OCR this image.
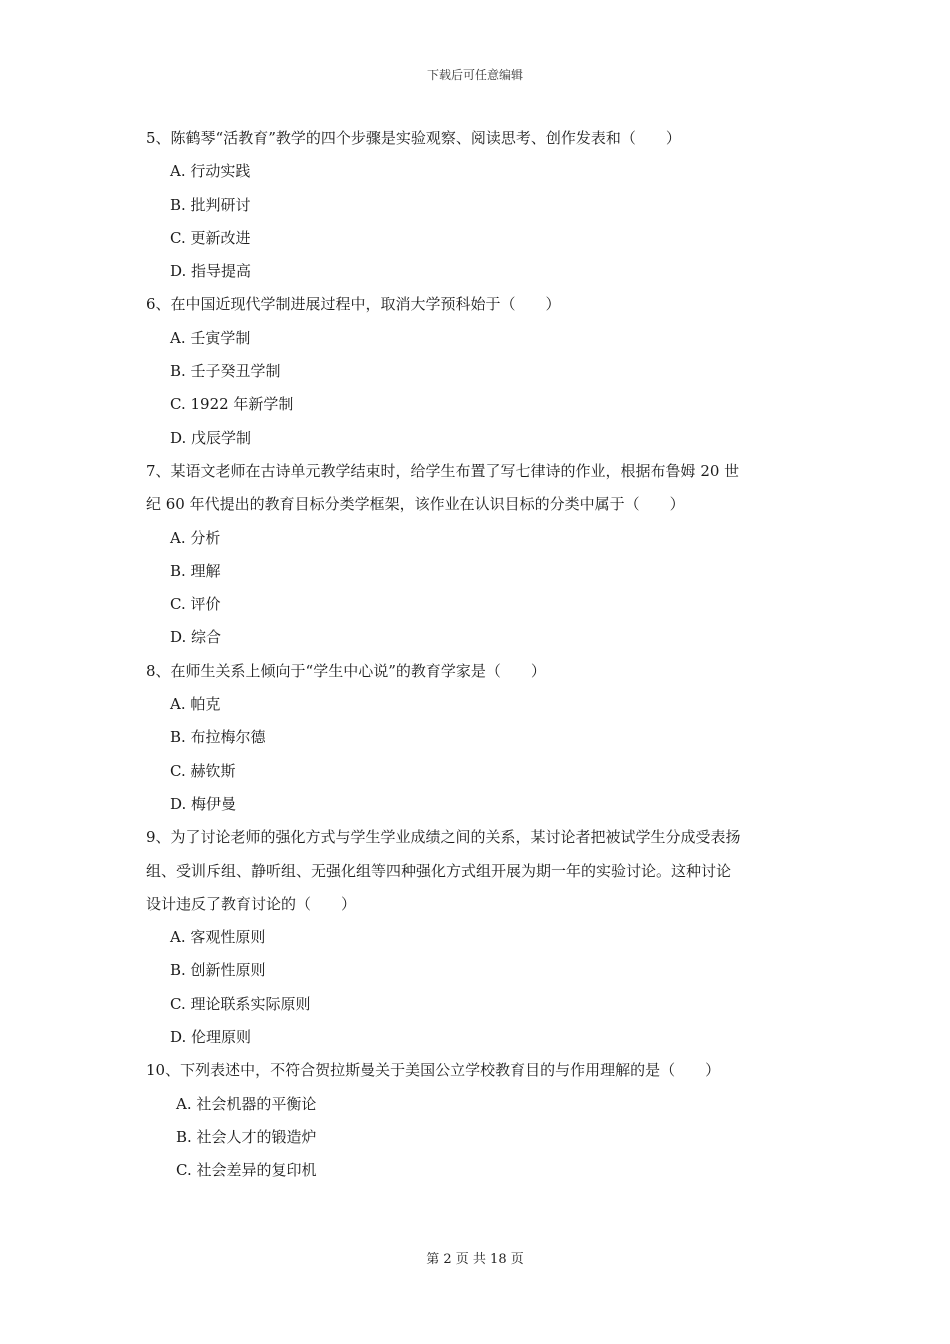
下载后可任意编辑
5、陈鹤琴“活教育”教学的四个步骤是实验观察、阅读思考、创作发表和（　　）
A. 行动实践
B. 批判研讨
C. 更新改进
D. 指导提高
6、在中国近现代学制进展过程中，取消大学预科始于（　　）
A. 壬寅学制
B. 壬子癸丑学制
C. 1922 年新学制
D. 戊辰学制
7、某语文老师在古诗单元教学结束时，给学生布置了写七律诗的作业，根据布鲁姆 20 世
纪 60 年代提出的教育目标分类学框架，该作业在认识目标的分类中属于（　　）
A. 分析
B. 理解
C. 评价
D. 综合
8、在师生关系上倾向于“学生中心说”的教育学家是（　　）
A. 帕克
B. 布拉梅尔德
C. 赫钦斯
D. 梅伊曼
9、为了讨论老师的强化方式与学生学业成绩之间的关系，某讨论者把被试学生分成受表扬
组、受训斥组、静听组、无强化组等四种强化方式组开展为期一年的实验讨论。这种讨论
设计违反了教育讨论的（　　）
A. 客观性原则
B. 创新性原则
C. 理论联系实际原则
D. 伦理原则
10、下列表述中，不符合贺拉斯曼关于美国公立学校教育目的与作用理解的是（　　）
A. 社会机器的平衡论
B. 社会人才的锻造炉
C. 社会差异的复印机
第 2 页 共 18 页
